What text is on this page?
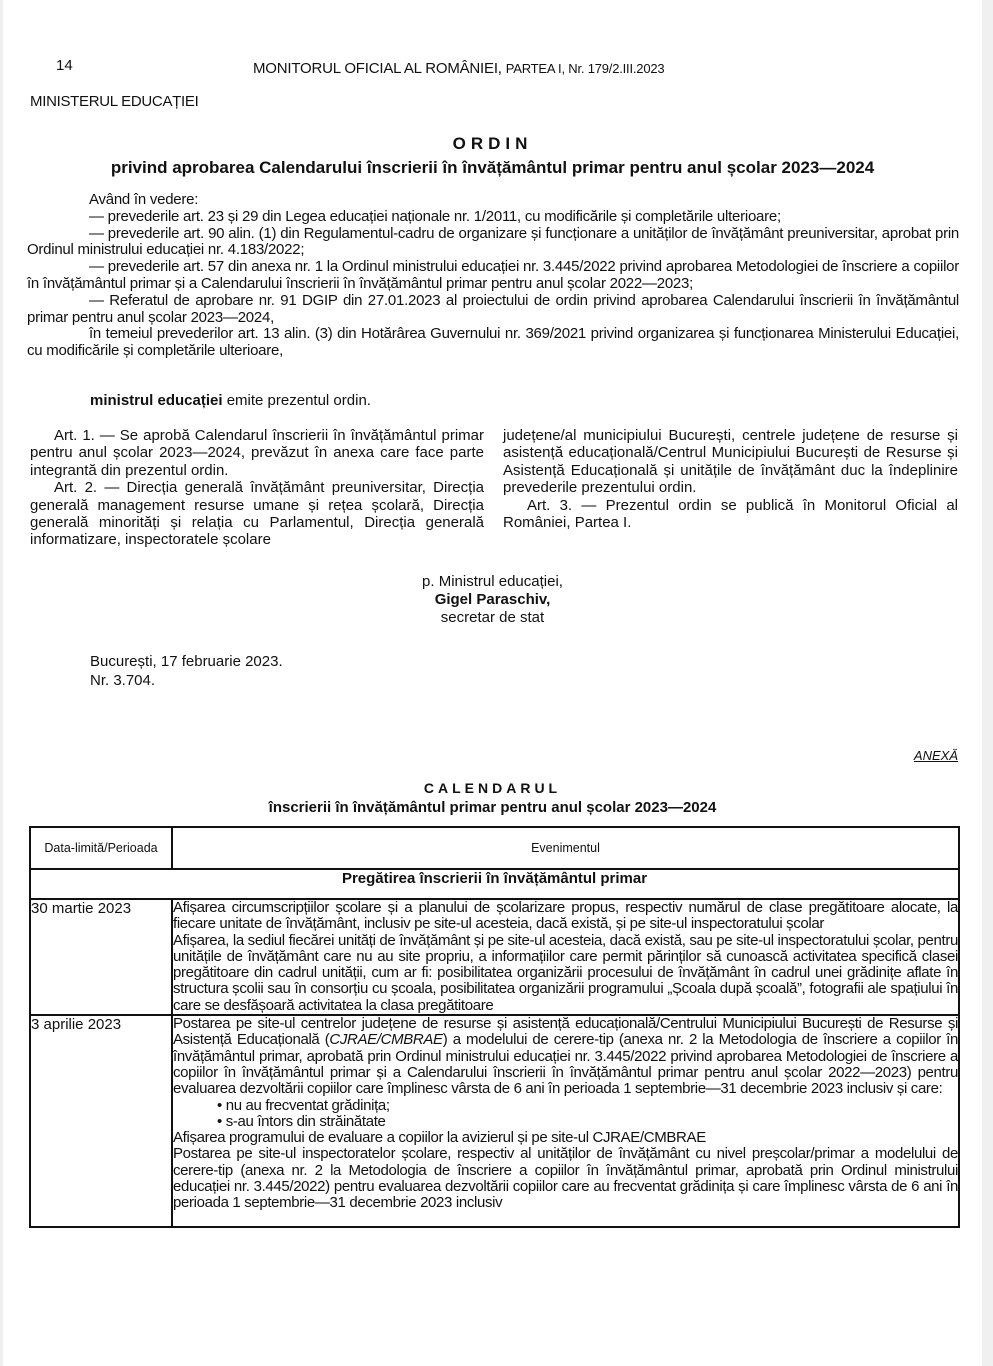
14	MONITORUL OFICIAL AL ROMÂNIEI, PARTEA I, Nr. 179/2.III.2023
MINISTERUL EDUCAȚIEI
ORDIN
privind aprobarea Calendarului înscrierii în învățământul primar pentru anul școlar 2023—2024

Având în vedere:

— prevederile art. 23 și 29 din Legea educației naționale nr. 1/2011, cu modificările și completările ulterioare;

— prevederile art. 90 alin. (1) din Regulamentul-cadru de organizare și funcționare a unităților de învățământ preuniversitar, aprobat prin Ordinul ministrului educației nr. 4.183/2022;

— prevederile art. 57 din anexa nr. 1 la Ordinul ministrului educației nr. 3.445/2022 privind aprobarea Metodologiei de înscriere a copiilor în învățământul primar și a Calendarului înscrierii în învățământul primar pentru anul școlar 2022—2023;

— Referatul de aprobare nr. 91 DGIP din 27.01.2023 al proiectului de ordin privind aprobarea Calendarului înscrierii în învățământul primar pentru anul școlar 2023—2024,

în temeiul prevederilor art. 13 alin. (3) din Hotărârea Guvernului nr. 369/2021 privind organizarea și funcționarea Ministerului Educației, cu modificările și completările ulterioare,

ministrul educației emite prezentul ordin.

Art. 1. — Se aprobă Calendarul înscrierii în învățământul primar pentru anul școlar 2023—2024, prevăzut în anexa care face parte integrantă din prezentul ordin.

Art. 2. — Direcția generală învățământ preuniversitar, Direcția generală management resurse umane și rețea școlară, Direcția generală minorități și relația cu Parlamentul, Direcția generală informatizare, inspectoratele școlare

județene/al municipiului București, centrele județene de resurse și asistență educațională/Centrul Municipiului București de Resurse și Asistență Educațională și unitățile de învățământ duc la îndeplinire prevederile prezentului ordin.

Art. 3. — Prezentul ordin se publică în Monitorul Oficial al României, Partea I.

p. Ministrul educației,
Gigel Paraschiv,
secretar de stat
București, 17 februarie 2023.
Nr. 3.704.
ANEXĂ
CALENDARUL
înscrierii în învățământul primar pentru anul școlar 2023—2024
Data-limită/Perioada	Evenimentul
Pregătirea înscrierii în învățământul primar	
30 martie 2023	Afișarea circumscripțiilor școlare și a planului de școlarizare propus, respectiv numărul de clase pregătitoare alocate, la fiecare unitate de învățământ, inclusiv pe site-ul acesteia, dacă există, și pe site-ul inspectoratului școlar

Afișarea, la sediul fiecărei unități de învățământ și pe site-ul acesteia, dacă există, sau pe site-ul inspectoratului școlar, pentru unitățile de învățământ care nu au site propriu, a informațiilor care permit părinților să cunoască activitatea specifică clasei pregătitoare din cadrul unității, cum ar fi: posibilitatea organizării procesului de învățământ în cadrul unei grădinițe aflate în structura școlii sau în consorțiu cu școala, posibilitatea organizării programului „Școala după școală”, fotografii ale spațiului în care se desfășoară activitatea la clasa pregătitoare

3 aprilie 2023	Postarea pe site-ul centrelor județene de resurse și asistență educațională/Centrului Municipiului București de Resurse și Asistență Educațională (CJRAE/CMBRAE) a modelului de cerere-tip (anexa nr. 2 la Metodologia de înscriere a copiilor în învățământul primar, aprobată prin Ordinul ministrului educației nr. 3.445/2022 privind aprobarea Metodologiei de înscriere a copiilor în învățământul primar și a Calendarului înscrierii în învățământul primar pentru anul școlar 2022—2023) pentru evaluarea dezvoltării copiilor care împlinesc vârsta de 6 ani în perioada 1 septembrie—31 decembrie 2023 inclusiv și care:

• nu au frecventat grădinița;
• s-au întors din străinătate

Afișarea programului de evaluare a copiilor la avizierul și pe site-ul CJRAE/CMBRAE

Postarea pe site-ul inspectoratelor școlare, respectiv al unităților de învățământ cu nivel preșcolar/primar a modelului de cerere-tip (anexa nr. 2 la Metodologia de înscriere a copiilor în învățământul primar, aprobată prin Ordinul ministrului educației nr. 3.445/2022) pentru evaluarea dezvoltării copiilor care au frecventat grădinița și care împlinesc vârsta de 6 ani în perioada 1 septembrie—31 decembrie 2023 inclusiv
